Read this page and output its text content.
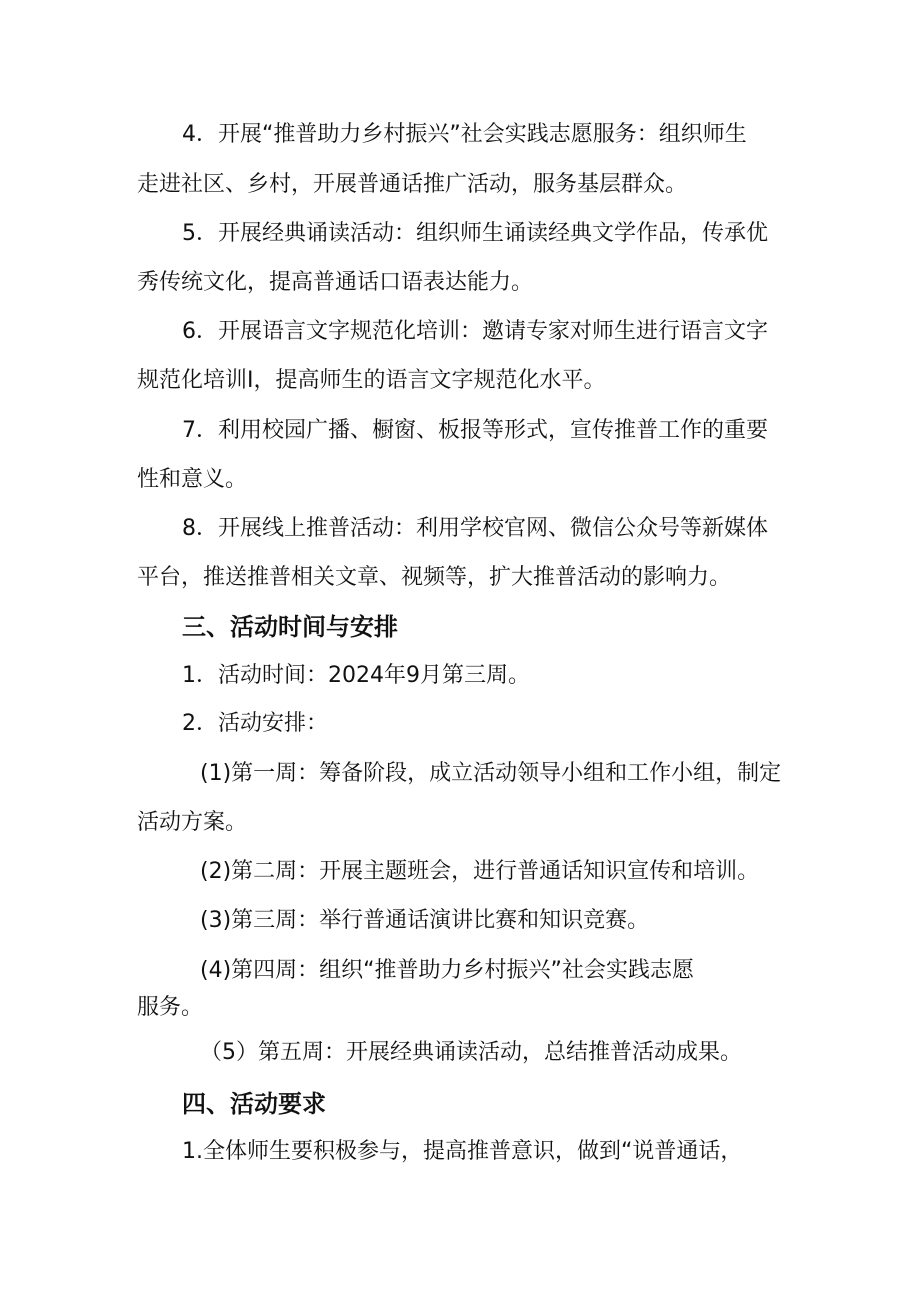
4．开展“推普助力乡村振兴”社会实践志愿服务：组织师生
走进社区、乡村，开展普通话推广活动，服务基层群众。
5．开展经典诵读活动：组织师生诵读经典文学作品，传承优
秀传统文化，提高普通话口语表达能力。
6．开展语言文字规范化培训：邀请专家对师生进行语言文字
规范化培训I，提高师生的语言文字规范化水平。
7．利用校园广播、橱窗、板报等形式，宣传推普工作的重要
性和意义。
8．开展线上推普活动：利用学校官网、微信公众号等新媒体
平台，推送推普相关文章、视频等，扩大推普活动的影响力。
三、活动时间与安排
1．活动时间：2024年9月第三周。
2．活动安排：
(1)第一周：筹备阶段，成立活动领导小组和工作小组，制定
活动方案。
(2)第二周：开展主题班会，进行普通话知识宣传和培训。
(3)第三周：举行普通话演讲比赛和知识竞赛。
(4)第四周：组织“推普助力乡村振兴”社会实践志愿
服务。
（5）第五周：开展经典诵读活动，总结推普活动成果。
四、活动要求
1.全体师生要积极参与，提高推普意识，做到“说普通话，
